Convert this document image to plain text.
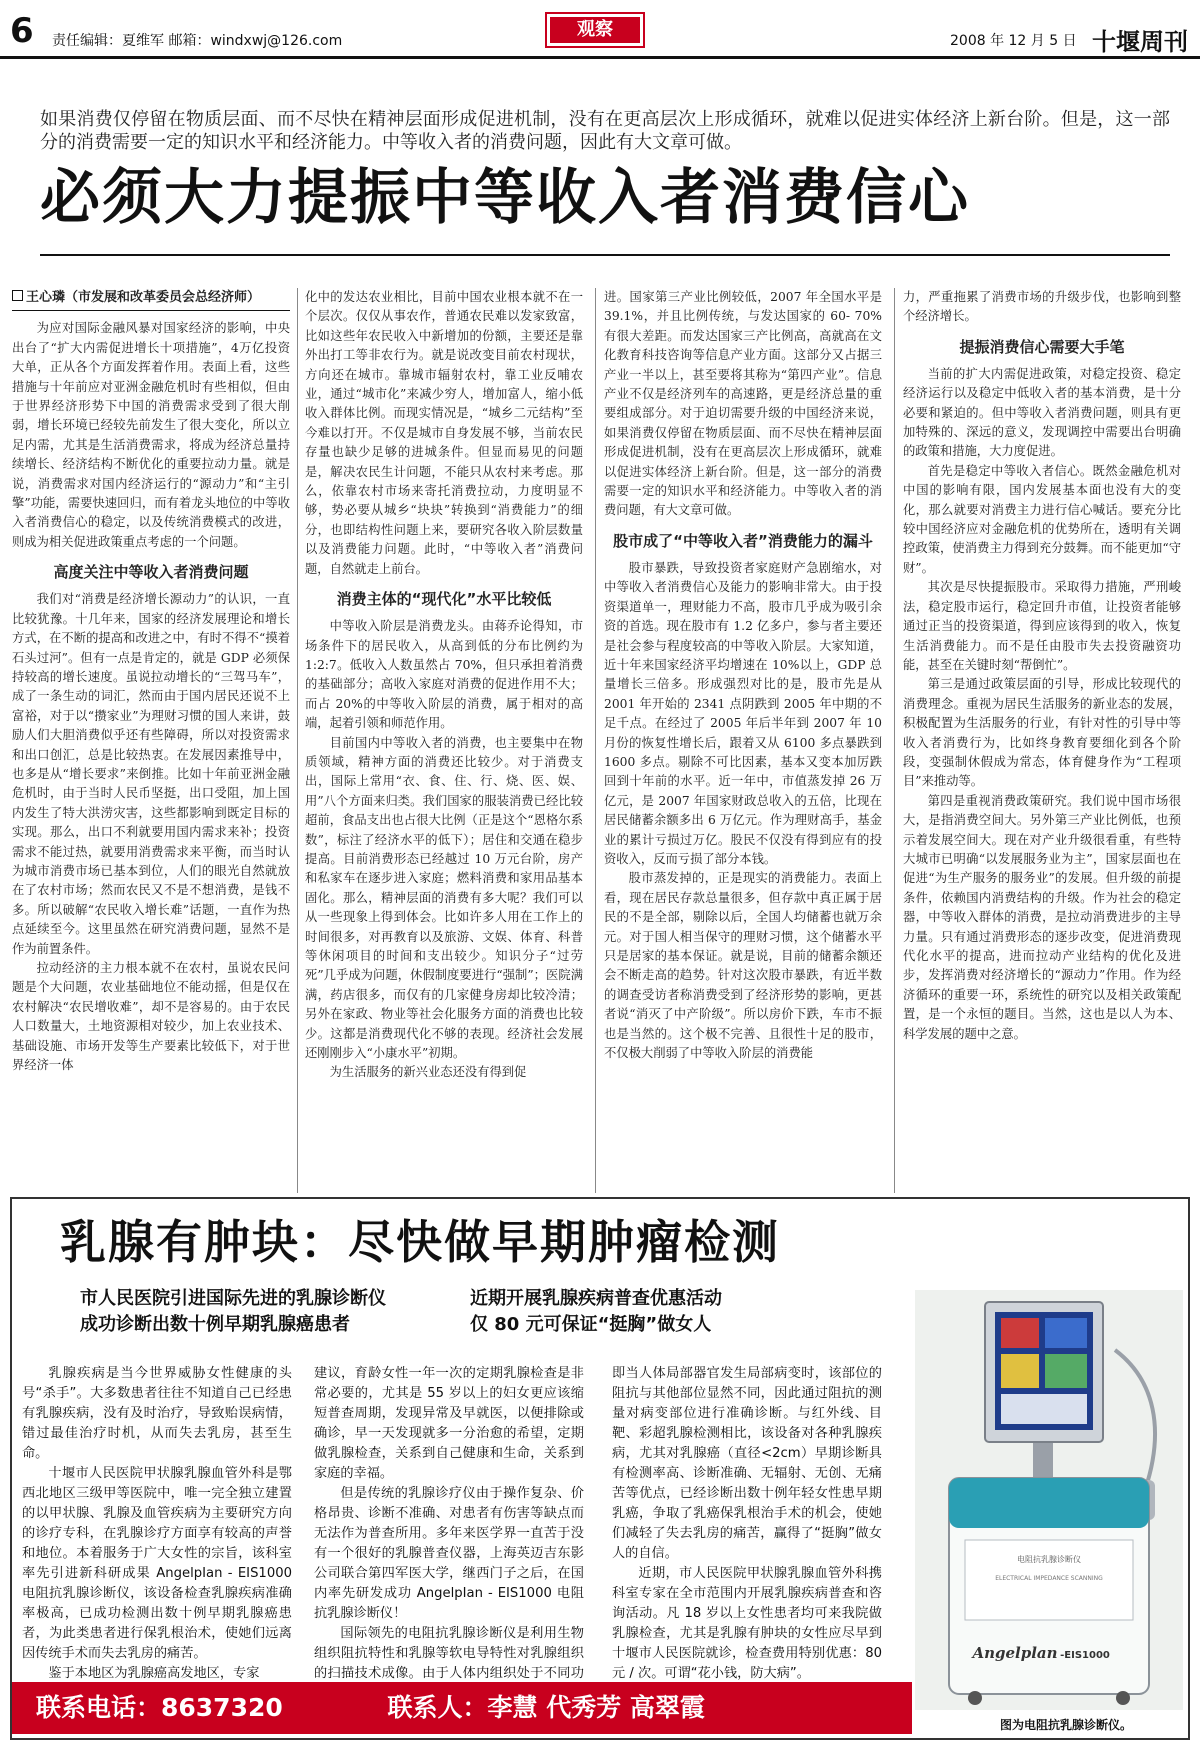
6 责任编辑：夏维军 邮箱：windxwj@126.com
观察
2008 年 12 月 5 日 十堰周刊
如果消费仅停留在物质层面、而不尽快在精神层面形成促进机制，没有在更高层次上形成循环，就难以促进实体经济上新台阶。但是，这一部分的消费需要一定的知识水平和经济能力。中等收入者的消费问题，因此有大文章可做。
必须大力提振中等收入者消费信心
王心璘（市发展和改革委员会总经济师）

为应对国际金融风暴对国家经济的影响，中央出台了“扩大内需促进增长十项措施”，4万亿投资大单，正从各个方面发挥着作用。表面上看，这些措施与十年前应对亚洲金融危机时有些相似，但由于世界经济形势下中国的消费需求受到了很大削弱，增长环境已经较先前发生了很大变化，所以立足内需，尤其是生活消费需求，将成为经济总量持续增长、经济结构不断优化的重要拉动力量。就是说，消费需求对国内经济运行的“源动力”和“主引擎”功能，需要快速回归，而有着龙头地位的中等收入者消费信心的稳定，以及传统消费模式的改进，则成为相关促进政策重点考虑的一个问题。

高度关注中等收入者消费问题

我们对“消费是经济增长源动力”的认识，一直比较犹豫。十几年来，国家的经济发展理论和增长方式，在不断的提高和改进之中，有时不得不“摸着石头过河”。但有一点是肯定的，就是 GDP 必须保持较高的增长速度。虽说拉动增长的“三驾马车”，成了一条生动的词汇，然而由于国内居民还说不上富裕，对于以“攒家业”为理财习惯的国人来讲，鼓励人们大胆消费似乎还有些障碍，所以对投资需求和出口创汇，总是比较热衷。在发展因素推导中，也多是从“增长要求”来倒推。比如十年前亚洲金融危机时，由于当时人民币坚挺，出口受阻，加上国内发生了特大洪涝灾害，这些都影响到既定目标的实现。那么，出口不利就要用国内需求来补；投资需求不能过热，就要用消费需求来平衡，而当时认为城市消费市场已基本到位，人们的眼光自然就放在了农村市场；然而农民又不是不想消费，是钱不多。所以破解“农民收入增长难”话题，一直作为热点延续至今。这里虽然在研究消费问题，显然不是作为前置条件。

拉动经济的主力根本就不在农村，虽说农民问题是个大问题，农业基础地位不能动摇，但是仅在农村解决“农民增收难”，却不是容易的。由于农民人口数量大，土地资源相对较少，加上农业技术、基础设施、市场开发等生产要素比较低下，对于世界经济一体

化中的发达农业相比，目前中国农业根本就不在一个层次。仅仅从事农作，普通农民难以发家致富，比如这些年农民收入中新增加的份额，主要还是靠外出打工等非农行为。就是说改变目前农村现状，方向还在城市。靠城市辐射农村，靠工业反哺农业，通过“城市化”来减少穷人，增加富人，缩小低收入群体比例。而现实情况是，“城乡二元结构”至今难以打开。不仅是城市自身发展不够，当前农民存量也缺少足够的进城条件。但显而易见的问题是，解决农民生计问题，不能只从农村来考虑。那么，依靠农村市场来寄托消费拉动，力度明显不够，势必要从城乡“块块”转换到“消费能力”的细分，也即结构性问题上来，要研究各收入阶层数量以及消费能力问题。此时，“中等收入者”消费问题，自然就走上前台。

消费主体的“现代化”水平比较低

中等收入阶层是消费龙头。由蒋乔论得知，市场条件下的居民收入，从高到低的分布比例约为 1:2:7。低收入人数虽然占 70%，但只承担着消费的基础部分；高收入家庭对消费的促进作用不大；而占 20%的中等收入阶层的消费，属于相对的高端，起着引领和师范作用。

目前国内中等收入者的消费，也主要集中在物质领域，精神方面的消费还比较少。对于消费支出，国际上常用“衣、食、住、行、烧、医、娱、用”八个方面来归类。我们国家的服装消费已经比较超前，食品支出也占很大比例（正是这个“恩格尔系数”，标注了经济水平的低下）；居住和交通在稳步提高。目前消费形态已经越过 10 万元台阶，房产和私家车在逐步进入家庭；燃料消费和家用品基本固化。那么，精神层面的消费有多大呢？我们可以从一些现象上得到体会。比如许多人用在工作上的时间很多，对再教育以及旅游、文娱、体育、科普等休闲项目的时间和支出较少。知识分子“过劳死”几乎成为问题，休假制度要进行“强制”；医院满满，药店很多，而仅有的几家健身房却比较冷清；另外在家政、物业等社会化服务方面的消费也比较少。这都是消费现代化不够的表现。经济社会发展还刚刚步入“小康水平”初期。

为生活服务的新兴业态还没有得到促

进。国家第三产业比例较低，2007 年全国水平是 39.1%，并且比例传统，与发达国家的 60- 70%有很大差距。而发达国家三产比例高，高就高在文化教育科技咨询等信息产业方面。这部分又占据三产业一半以上，甚至要将其称为“第四产业”。信息产业不仅是经济列车的高速路，更是经济总量的重要组成部分。对于迫切需要升级的中国经济来说，如果消费仅停留在物质层面、而不尽快在精神层面形成促进机制，没有在更高层次上形成循环，就难以促进实体经济上新台阶。但是，这一部分的消费需要一定的知识水平和经济能力。中等收入者的消费问题，有大文章可做。

股市成了“中等收入者”消费能力的漏斗

股市暴跌，导致投资者家庭财产急剧缩水，对中等收入者消费信心及能力的影响非常大。由于投资渠道单一，理财能力不高，股市几乎成为吸引余资的首选。现在股市有 1.2 亿多户，参与者主要还是社会参与程度较高的中等收入阶层。大家知道，近十年来国家经济平均增速在 10%以上，GDP 总量增长三倍多。形成强烈对比的是，股市先是从 2001 年开始的 2341 点阴跌到 2005 年中期的不足千点。在经过了 2005 年后半年到 2007 年 10 月份的恢复性增长后，跟着又从 6100 多点暴跌到 1600 多点。剔除不可比因素，基本又变本加厉跌回到十年前的水平。近一年中，市值蒸发掉 26 万亿元，是 2007 年国家财政总收入的五倍，比现在居民储蓄余额多出 6 万亿元。作为理财高手，基金业的累计亏损过万亿。股民不仅没有得到应有的投资收入，反而亏损了部分本钱。

股市蒸发掉的，正是现实的消费能力。表面上看，现在居民存款总量很多，但存款中真正属于居民的不是全部，剔除以后，全国人均储蓄也就万余元。对于国人相当保守的理财习惯，这个储蓄水平只是居家的基本保证。就是说，目前的储蓄余额还会不断走高的趋势。针对这次股市暴跌，有近半数的调查受访者称消费受到了经济形势的影响，更甚者说“消灭了中产阶级”。所以房价下跌，车市不振也是当然的。这个极不完善、且很性十足的股市，不仅极大削弱了中等收入阶层的消费能

力，严重拖累了消费市场的升级步伐，也影响到整个经济增长。

提振消费信心需要大手笔

当前的扩大内需促进政策，对稳定投资、稳定经济运行以及稳定中低收入者的基本消费，是十分必要和紧迫的。但中等收入者消费问题，则具有更加特殊的、深远的意义，发现调控中需要出台明确的政策和措施，大力度促进。

首先是稳定中等收入者信心。既然金融危机对中国的影响有限，国内发展基本面也没有大的变化，那么就要对消费主力进行信心喊话。要充分比较中国经济应对金融危机的优势所在，透明有关调控政策，使消费主力得到充分鼓舞。而不能更加“守财”。

其次是尽快提振股市。采取得力措施，严刑峻法，稳定股市运行，稳定回升市值，让投资者能够通过正当的投资渠道，得到应该得到的收入，恢复生活消费能力。而不是任由股市失去投资融资功能，甚至在关键时刻“帮倒忙”。

第三是通过政策层面的引导，形成比较现代的消费理念。重视为居民生活服务的新业态的发展，积极配置为生活服务的行业，有针对性的引导中等收入者消费行为，比如终身教育要细化到各个阶段，变强制休假成为常态，体育健身作为“工程项目”来推动等。

第四是重视消费政策研究。我们说中国市场很大，是指消费空间大。另外第三产业比例低，也预示着发展空间大。现在对产业升级很看重，有些特大城市已明确“以发展服务业为主”，国家层面也在促进“为生产服务的服务业”的发展。但升级的前提条件，依赖国内消费结构的升级。作为社会的稳定器，中等收入群体的消费，是拉动消费进步的主导力量。只有通过消费形态的逐步改变，促进消费现代化水平的提高，进而拉动产业结构的优化及进步，发挥消费对经济增长的“源动力”作用。作为经济循环的重要一环，系统性的研究以及相关政策配置，是一个永恒的题目。当然，这也是以人为本、科学发展的题中之意。

乳腺有肿块：尽快做早期肿瘤检测
市人民医院引进国际先进的乳腺诊断仪
成功诊断出数十例早期乳腺癌患者
近期开展乳腺疾病普查优惠活动
仅 80 元可保证“挺胸”做女人

乳腺疾病是当今世界威胁女性健康的头号“杀手”。大多数患者往往不知道自己已经患有乳腺疾病，没有及时治疗，导致贻误病情，错过最佳治疗时机，从而失去乳房，甚至生命。

十堰市人民医院甲状腺乳腺血管外科是鄂西北地区三级甲等医院中，唯一完全独立建置的以甲状腺、乳腺及血管疾病为主要研究方向的诊疗专科，在乳腺诊疗方面享有较高的声誉和地位。本着服务于广大女性的宗旨，该科室率先引进新科研成果 AngelpIan - EIS1000 电阻抗乳腺诊断仪，该设备检查乳腺疾病准确率极高，已成功检测出数十例早期乳腺癌患者，为此类患者进行保乳根治术，使她们远离因传统手术而失去乳房的痛苦。

鉴于本地区为乳腺癌高发地区，专家

建议，育龄女性一年一次的定期乳腺检查是非常必要的，尤其是 55 岁以上的妇女更应该缩短普查周期，发现异常及早就医，以便排除或确诊，早一天发现就多一分治愈的希望，定期做乳腺检查，关系到自己健康和生命，关系到家庭的幸福。

但是传统的乳腺诊疗仪由于操作复杂、价格昂贵、诊断不准确、对患者有伤害等缺点而无法作为普查所用。多年来医学界一直苦于没有一个很好的乳腺普查仪器，上海英迈吉东影公司联合第四军医大学，继西门子之后，在国内率先研发成功 AngelpIan - EIS1000 电阻抗乳腺诊断仪！

国际领先的电阻抗乳腺诊断仪是利用生物组织阻抗特性和乳腺等软电导特性对乳腺组织的扫描技术成像。由于人体内组织处于不同功

即当人体局部器官发生局部病变时，该部位的阻抗与其他部位显然不同，因此通过阻抗的测量对病变部位进行准确诊断。与红外线、目靶、彩超乳腺检测相比，该设备对各种乳腺疾病，尤其对乳腺癌（直径<2cm）早期诊断具有检测率高、诊断准确、无辐射、无创、无痛苦等优点，已经诊断出数十例年轻女性患早期乳癌，争取了乳癌保乳根治手术的机会，使她们减轻了失去乳房的痛苦，赢得了“挺胸”做女人的自信。

近期，市人民医院甲状腺乳腺血管外科携科室专家在全市范围内开展乳腺疾病普查和咨询活动。凡 18 岁以上女性患者均可来我院做乳腺检查，尤其是乳腺有肿块的女性应尽早到十堰市人民医院就诊，检查费用特别优惠：80 元 / 次。可谓“花小钱，防大病”。

联系电话：8637320	联系人：李慧 代秀芳 高翠霞
电阻抗乳腺诊断仪
ELECTRICAL IMPEDANCE SCANNING
Angelplan -EIS1000
图为电阻抗乳腺诊断仪。
